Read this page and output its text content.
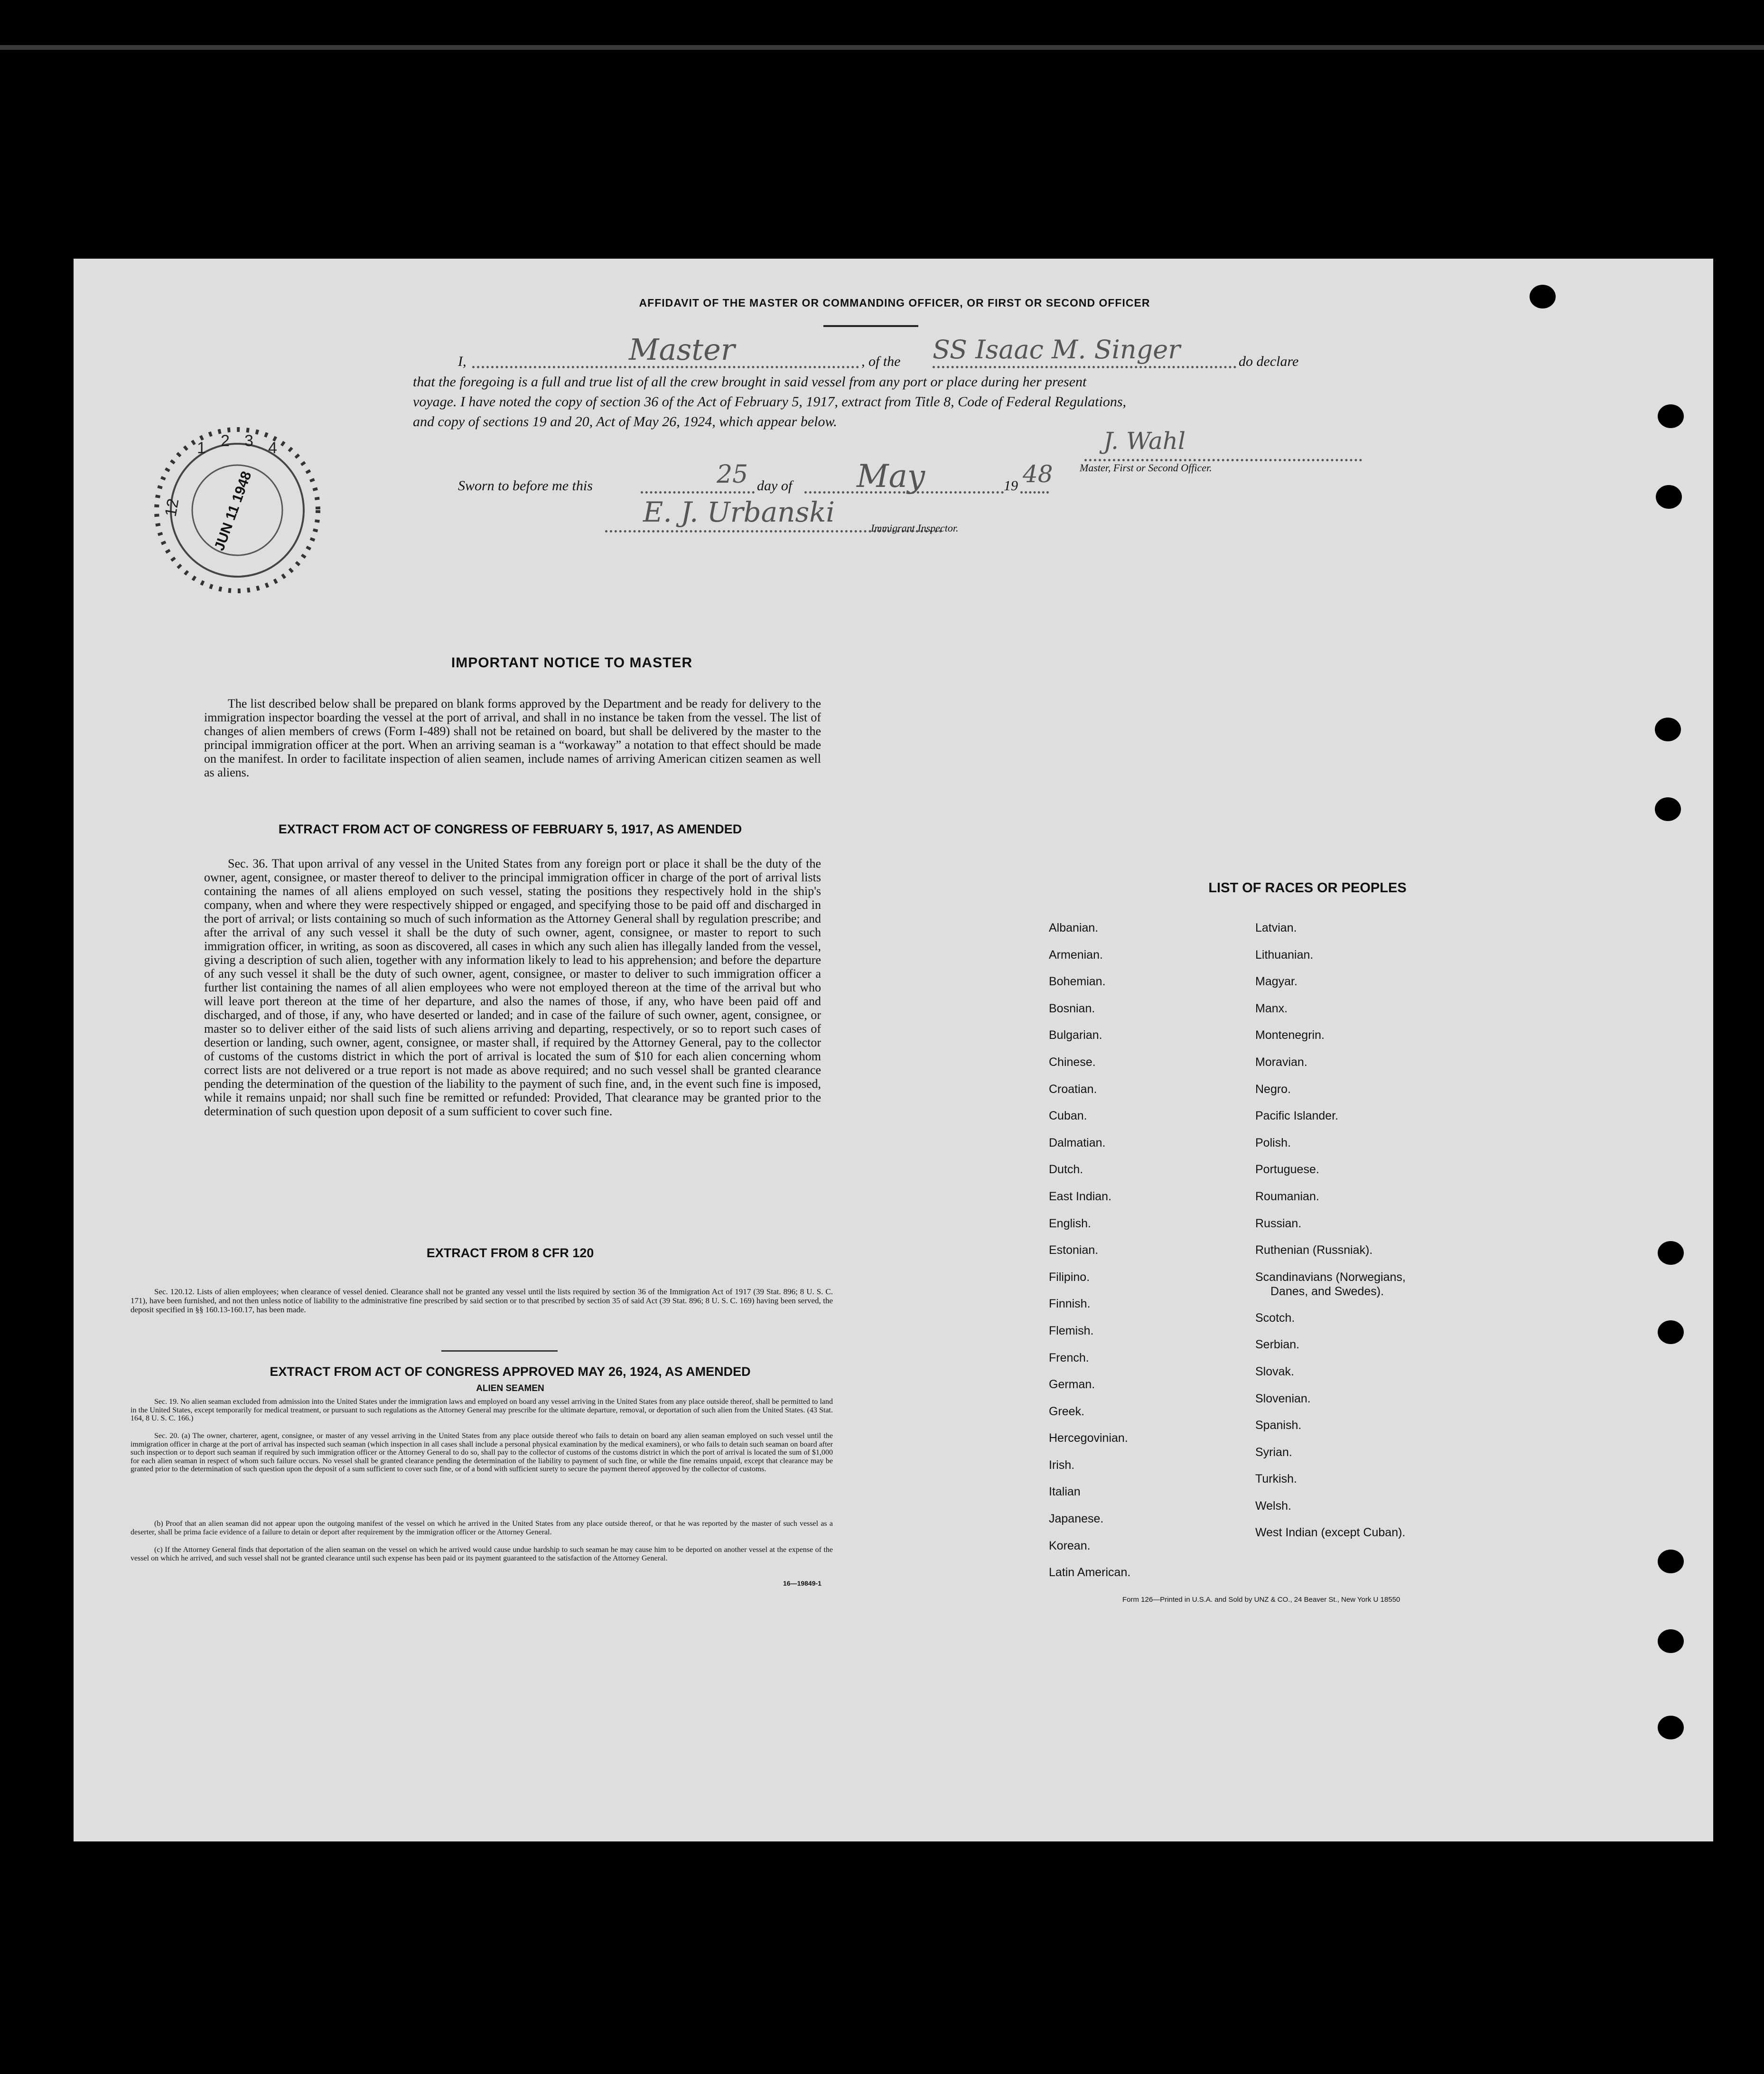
AFFIDAVIT OF THE MASTER OR COMMANDING OFFICER, OR FIRST OR SECOND OFFICER
I,	Master	, of the SS Isaac M. Singer	do declare
that the foregoing is a full and true list of all the crew brought in said vessel from any port or place during her present
voyage. I have noted the copy of section 36 of the Act of February 5, 1917, extract from Title 8, Code of Federal Regulations,
and copy of sections 19 and 20, Act of May 26, 1924, which appear below.
J. Wahl
Master, First or Second Officer.
Sworn to before me this	25 day of May	19 48
E. J. Urbanski	Immigrant Inspector.
12
1 2 3 4
JUN 11 1948
IMPORTANT NOTICE TO MASTER
The list described below shall be prepared on blank forms approved by the Department and be ready for delivery to the immigration inspector boarding the vessel at the port of arrival, and shall in no instance be taken from the vessel. The list of changes of alien members of crews (Form I-489) shall not be retained on board, but shall be delivered by the master to the principal immigration officer at the port. When an arriving seaman is a “workaway” a notation to that effect should be made on the manifest. In order to facilitate inspection of alien seamen, include names of arriving American citizen seamen as well as aliens.
EXTRACT FROM ACT OF CONGRESS OF FEBRUARY 5, 1917, AS AMENDED
Sec. 36. That upon arrival of any vessel in the United States from any foreign port or place it shall be the duty of the owner, agent, consignee, or master thereof to deliver to the principal immigration officer in charge of the port of arrival lists containing the names of all aliens employed on such vessel, stating the positions they respectively hold in the ship's company, when and where they were respectively shipped or engaged, and specifying those to be paid off and discharged in the port of arrival; or lists containing so much of such information as the Attorney General shall by regulation prescribe; and after the arrival of any such vessel it shall be the duty of such owner, agent, consignee, or master to report to such immigration officer, in writing, as soon as discovered, all cases in which any such alien has illegally landed from the vessel, giving a description of such alien, together with any information likely to lead to his apprehension; and before the departure of any such vessel it shall be the duty of such owner, agent, consignee, or master to deliver to such immigration officer a further list containing the names of all alien employees who were not employed thereon at the time of the arrival but who will leave port thereon at the time of her departure, and also the names of those, if any, who have been paid off and discharged, and of those, if any, who have deserted or landed; and in case of the failure of such owner, agent, consignee, or master so to deliver either of the said lists of such aliens arriving and departing, respectively, or so to report such cases of desertion or landing, such owner, agent, consignee, or master shall, if required by the Attorney General, pay to the collector of customs of the customs district in which the port of arrival is located the sum of $10 for each alien concerning whom correct lists are not delivered or a true report is not made as above required; and no such vessel shall be granted clearance pending the determination of the question of the liability to the payment of such fine, and, in the event such fine is imposed, while it remains unpaid; nor shall such fine be remitted or refunded: Provided, That clearance may be granted prior to the determination of such question upon deposit of a sum sufficient to cover such fine.
EXTRACT FROM 8 CFR 120
Sec. 120.12. Lists of alien employees; when clearance of vessel denied. Clearance shall not be granted any vessel until the lists required by section 36 of the Immigration Act of 1917 (39 Stat. 896; 8 U. S. C. 171), have been furnished, and not then unless notice of liability to the administrative fine prescribed by said section or to that prescribed by section 35 of said Act (39 Stat. 896; 8 U. S. C. 169) having been served, the deposit specified in §§ 160.13-160.17, has been made.
EXTRACT FROM ACT OF CONGRESS APPROVED MAY 26, 1924, AS AMENDED
ALIEN SEAMEN
Sec. 19. No alien seaman excluded from admission into the United States under the immigration laws and employed on board any vessel arriving in the United States from any place outside thereof, shall be permitted to land in the United States, except temporarily for medical treatment, or pursuant to such regulations as the Attorney General may prescribe for the ultimate departure, removal, or deportation of such alien from the United States. (43 Stat. 164, 8 U. S. C. 166.)
Sec. 20. (a) The owner, charterer, agent, consignee, or master of any vessel arriving in the United States from any place outside thereof who fails to detain on board any alien seaman employed on such vessel until the immigration officer in charge at the port of arrival has inspected such seaman (which inspection in all cases shall include a personal physical examination by the medical examiners), or who fails to detain such seaman on board after such inspection or to deport such seaman if required by such immigration officer or the Attorney General to do so, shall pay to the collector of customs of the customs district in which the port of arrival is located the sum of $1,000 for each alien seaman in respect of whom such failure occurs. No vessel shall be granted clearance pending the determination of the liability to payment of such fine, or while the fine remains unpaid, except that clearance may be granted prior to the determination of such question upon the deposit of a sum sufficient to cover such fine, or of a bond with sufficient surety to secure the payment thereof approved by the collector of customs.
(b) Proof that an alien seaman did not appear upon the outgoing manifest of the vessel on which he arrived in the United States from any place outside thereof, or that he was reported by the master of such vessel as a deserter, shall be prima facie evidence of a failure to detain or deport after requirement by the immigration officer or the Attorney General.
(c) If the Attorney General finds that deportation of the alien seaman on the vessel on which he arrived would cause undue hardship to such seaman he may cause him to be deported on another vessel at the expense of the vessel on which he arrived, and such vessel shall not be granted clearance until such expense has been paid or its payment guaranteed to the satisfaction of the Attorney General.
16—19849-1
LIST OF RACES OR PEOPLES
Albanian.
Armenian.
Bohemian.
Bosnian.
Bulgarian.
Chinese.
Croatian.
Cuban.
Dalmatian.
Dutch.
East Indian.
English.
Estonian.
Filipino.
Finnish.
Flemish.
French.
German.
Greek.
Hercegovinian.
Irish.
Italian
Japanese.
Korean.
Latin American.
Latvian.
Lithuanian.
Magyar.
Manx.
Montenegrin.
Moravian.
Negro.
Pacific Islander.
Polish.
Portuguese.
Roumanian.
Russian.
Ruthenian (Russniak).
Scandinavians (Norwegians,
Danes, and Swedes).
Scotch.
Serbian.
Slovak.
Slovenian.
Spanish.
Syrian.
Turkish.
Welsh.
West Indian (except Cuban).
Form 126—Printed in U.S.A. and Sold by UNZ & CO., 24 Beaver St., New York U 18550
